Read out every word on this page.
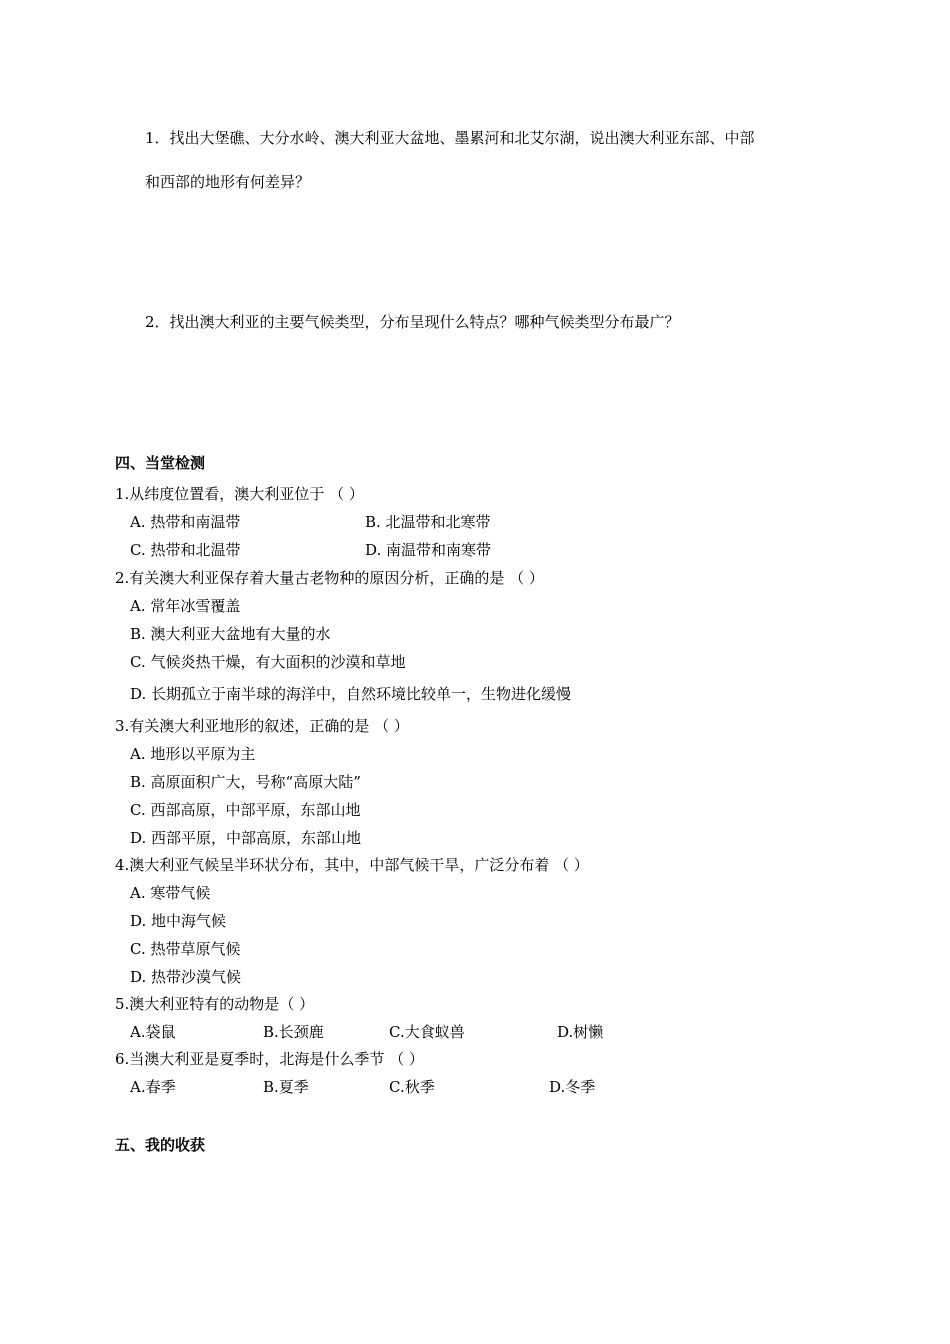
1．找出大堡礁、大分水岭、澳大利亚大盆地、墨累河和北艾尔湖，说出澳大利亚东部、中部
和西部的地形有何差异？
2．找出澳大利亚的主要气候类型，分布呈现什么特点？哪种气候类型分布最广？
四、当堂检测
1.从纬度位置看，澳大利亚位于 （ ）
A. 热带和南温带	B. 北温带和北寒带
C. 热带和北温带	D. 南温带和南寒带
2.有关澳大利亚保存着大量古老物种的原因分析，正确的是 （ ）
A. 常年冰雪覆盖
B. 澳大利亚大盆地有大量的水
C. 气候炎热干燥，有大面积的沙漠和草地
D. 长期孤立于南半球的海洋中，自然环境比较单一，生物进化缓慢
3.有关澳大利亚地形的叙述，正确的是 （ ）
A. 地形以平原为主
B. 高原面积广大，号称“高原大陆”
C. 西部高原，中部平原，东部山地
D. 西部平原，中部高原，东部山地
4.澳大利亚气候呈半环状分布，其中，中部气候干旱，广泛分布着 （ ）
A. 寒带气候
D. 地中海气候
C. 热带草原气候
D. 热带沙漠气候
5.澳大利亚特有的动物是（ ）
A.袋鼠	B.长颈鹿	C.大食蚁兽	D.树懒
6.当澳大利亚是夏季时，北海是什么季节 （ ）
A.春季	B.夏季	C.秋季	D.冬季
五、我的收获
